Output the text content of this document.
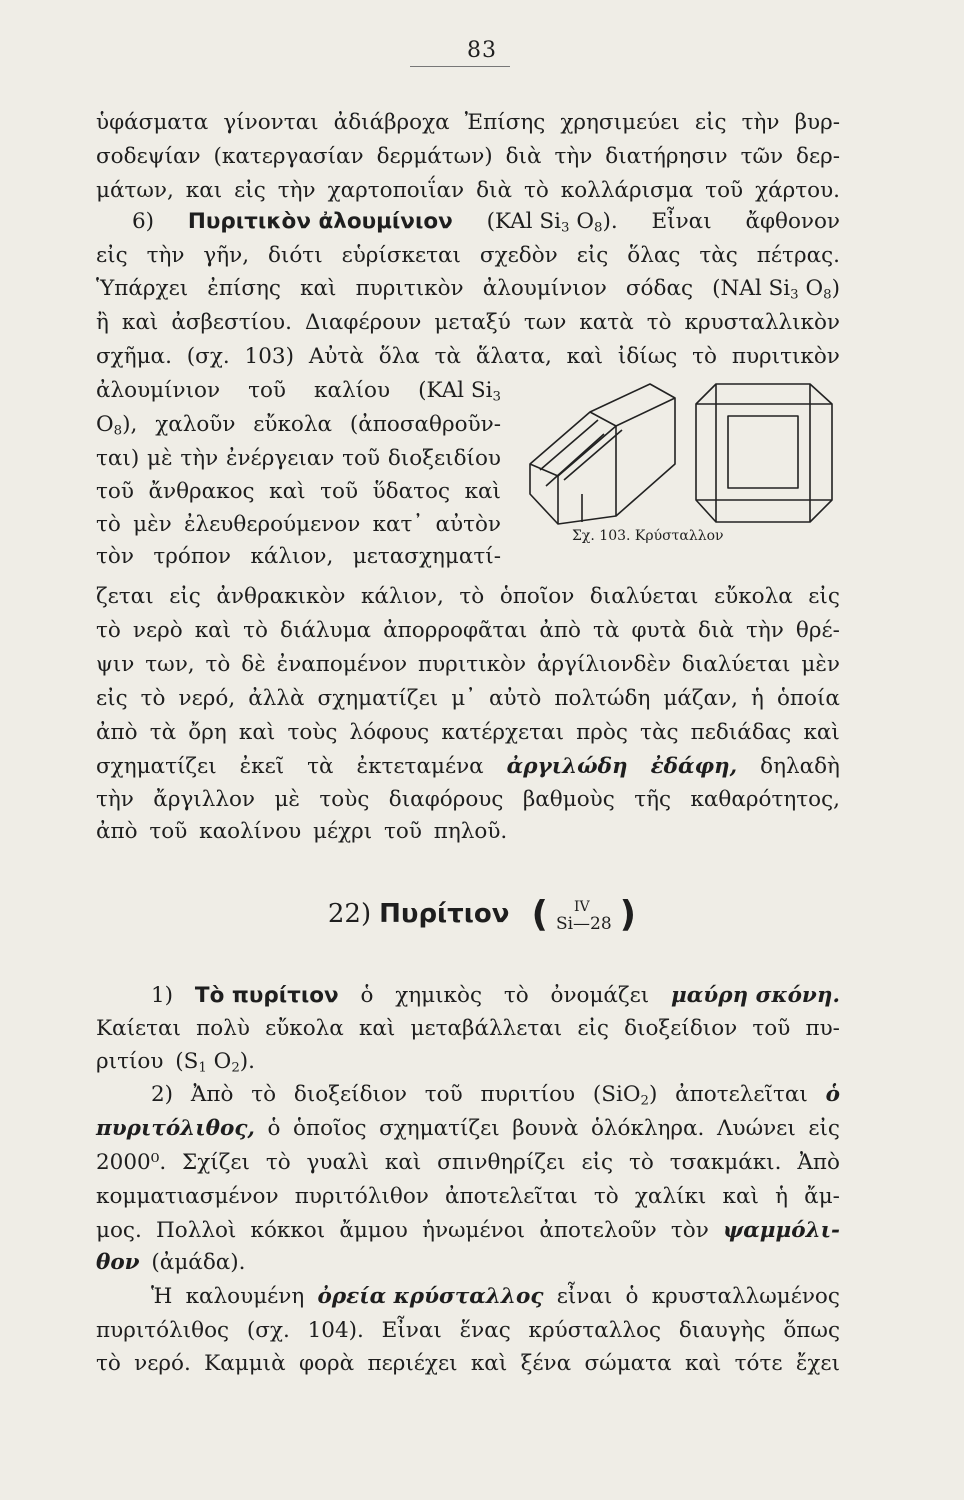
83
ὑφάσματα γίνονται ἀδιάβροχα Ἐπίσης χρησιμεύει εἰς τὴν βυρ-
σοδεψίαν (κατεργασίαν δερμάτων) διὰ τὴν διατήρησιν τῶν δερ-
μάτων, και εἰς τὴν χαρτοποιΐαν διὰ τὸ κολλάρισμα τοῦ χάρτου.
6) Πυριτικὸν ἀλουμίνιον (KAl $Si_3$ $O_8$). Εἶναι ἄφθονον
εἰς τὴν γῆν, διότι εὑρίσκεται σχεδὸν εἰς ὅλας τὰς πέτρας.
Ὑπάρχει ἐπίσης καὶ πυριτικὸν ἀλουμίνιον σόδας (NAl $Si_3$ $O_8$)
ἢ καὶ ἀσβεστίου. Διαφέρουν μεταξύ των κατὰ τὸ κρυσταλλικὸν
σχῆμα. (σχ. 103) Αὐτὰ ὅλα τὰ ἅλατα, καὶ ἰδίως τὸ πυριτικὸν
ἀλουμίνιον τοῦ καλίου (KAl $Si_3$
$O_8$), χαλοῦν εὔκολα (ἀποσαθροῦν-
ται) μὲ τὴν ἐνέργειαν τοῦ διοξειδίου
τοῦ ἄνθρακος καὶ τοῦ ὕδατος καὶ
τὸ μὲν ἐλευθερούμενον κατ᾽ αὐτὸν
τὸν τρόπον κάλιον, μετασχηματί-
Σχ. 103. Κρύσταλλον
ζεται εἰς ἀνθρακικὸν κάλιον, τὸ ὁποῖον διαλύεται εὔκολα εἰς
τὸ νερὸ καὶ τὸ διάλυμα ἀπορροφᾶται ἀπὸ τὰ φυτὰ διὰ τὴν θρέ-
ψιν των, τὸ δὲ ἐναπομένον πυριτικὸν ἀργίλιονδὲν διαλύεται μὲν
εἰς τὸ νερό, ἀλλὰ σχηματίζει μ᾽ αὐτὸ πολτώδη μάζαν, ἡ ὁποία
ἀπὸ τὰ ὄρη καὶ τοὺς λόφους κατέρχεται πρὸς τὰς πεδιάδας καὶ
σχηματίζει ἐκεῖ τὰ ἐκτεταμένα ἀργιλώδη ἐδάφη, δηλαδὴ
τὴν ἄργιλλον μὲ τοὺς διαφόρους βαθμοὺς τῆς καθαρότητος,
ἀπὸ τοῦ καολίνου μέχρι τοῦ πηλοῦ.
22) Πυρίτιον ( IV
Si—28 )
1) Τὸ πυρίτιον ὁ χημικὸς τὸ ὀνομάζει μαύρη σκόνη.
Καίεται πολὺ εὔκολα καὶ μεταβάλλεται εἰς διοξείδιον τοῦ πυ-
ριτίου ($S_1$ $O_2$).
2) Ἀπὸ τὸ διοξείδιον τοῦ πυριτίου (SiO$_2$) ἀποτελεῖται ὁ
πυριτόλιθος, ὁ ὁποῖος σχηματίζει βουνὰ ὁλόκληρα. Λυώνει εἰς
2000⁰. Σχίζει τὸ γυαλὶ καὶ σπινθηρίζει εἰς τὸ τσακμάκι. Ἀπὸ
κομματιασμένον πυριτόλιθον ἀποτελεῖται τὸ χαλίκι καὶ ἡ ἄμ-
μος. Πολλοὶ κόκκοι ἄμμου ἡνωμένοι ἀποτελοῦν τὸν ψαμμόλι-
θον (ἀμάδα).
Ἡ καλουμένη ὀρεία κρύσταλλος εἶναι ὁ κρυσταλλωμένος
πυριτόλιθος (σχ. 104). Εἶναι ἕνας κρύσταλλος διαυγὴς ὅπως
τὸ νερό. Καμμιὰ φορὰ περιέχει καὶ ξένα σώματα καὶ τότε ἔχει
